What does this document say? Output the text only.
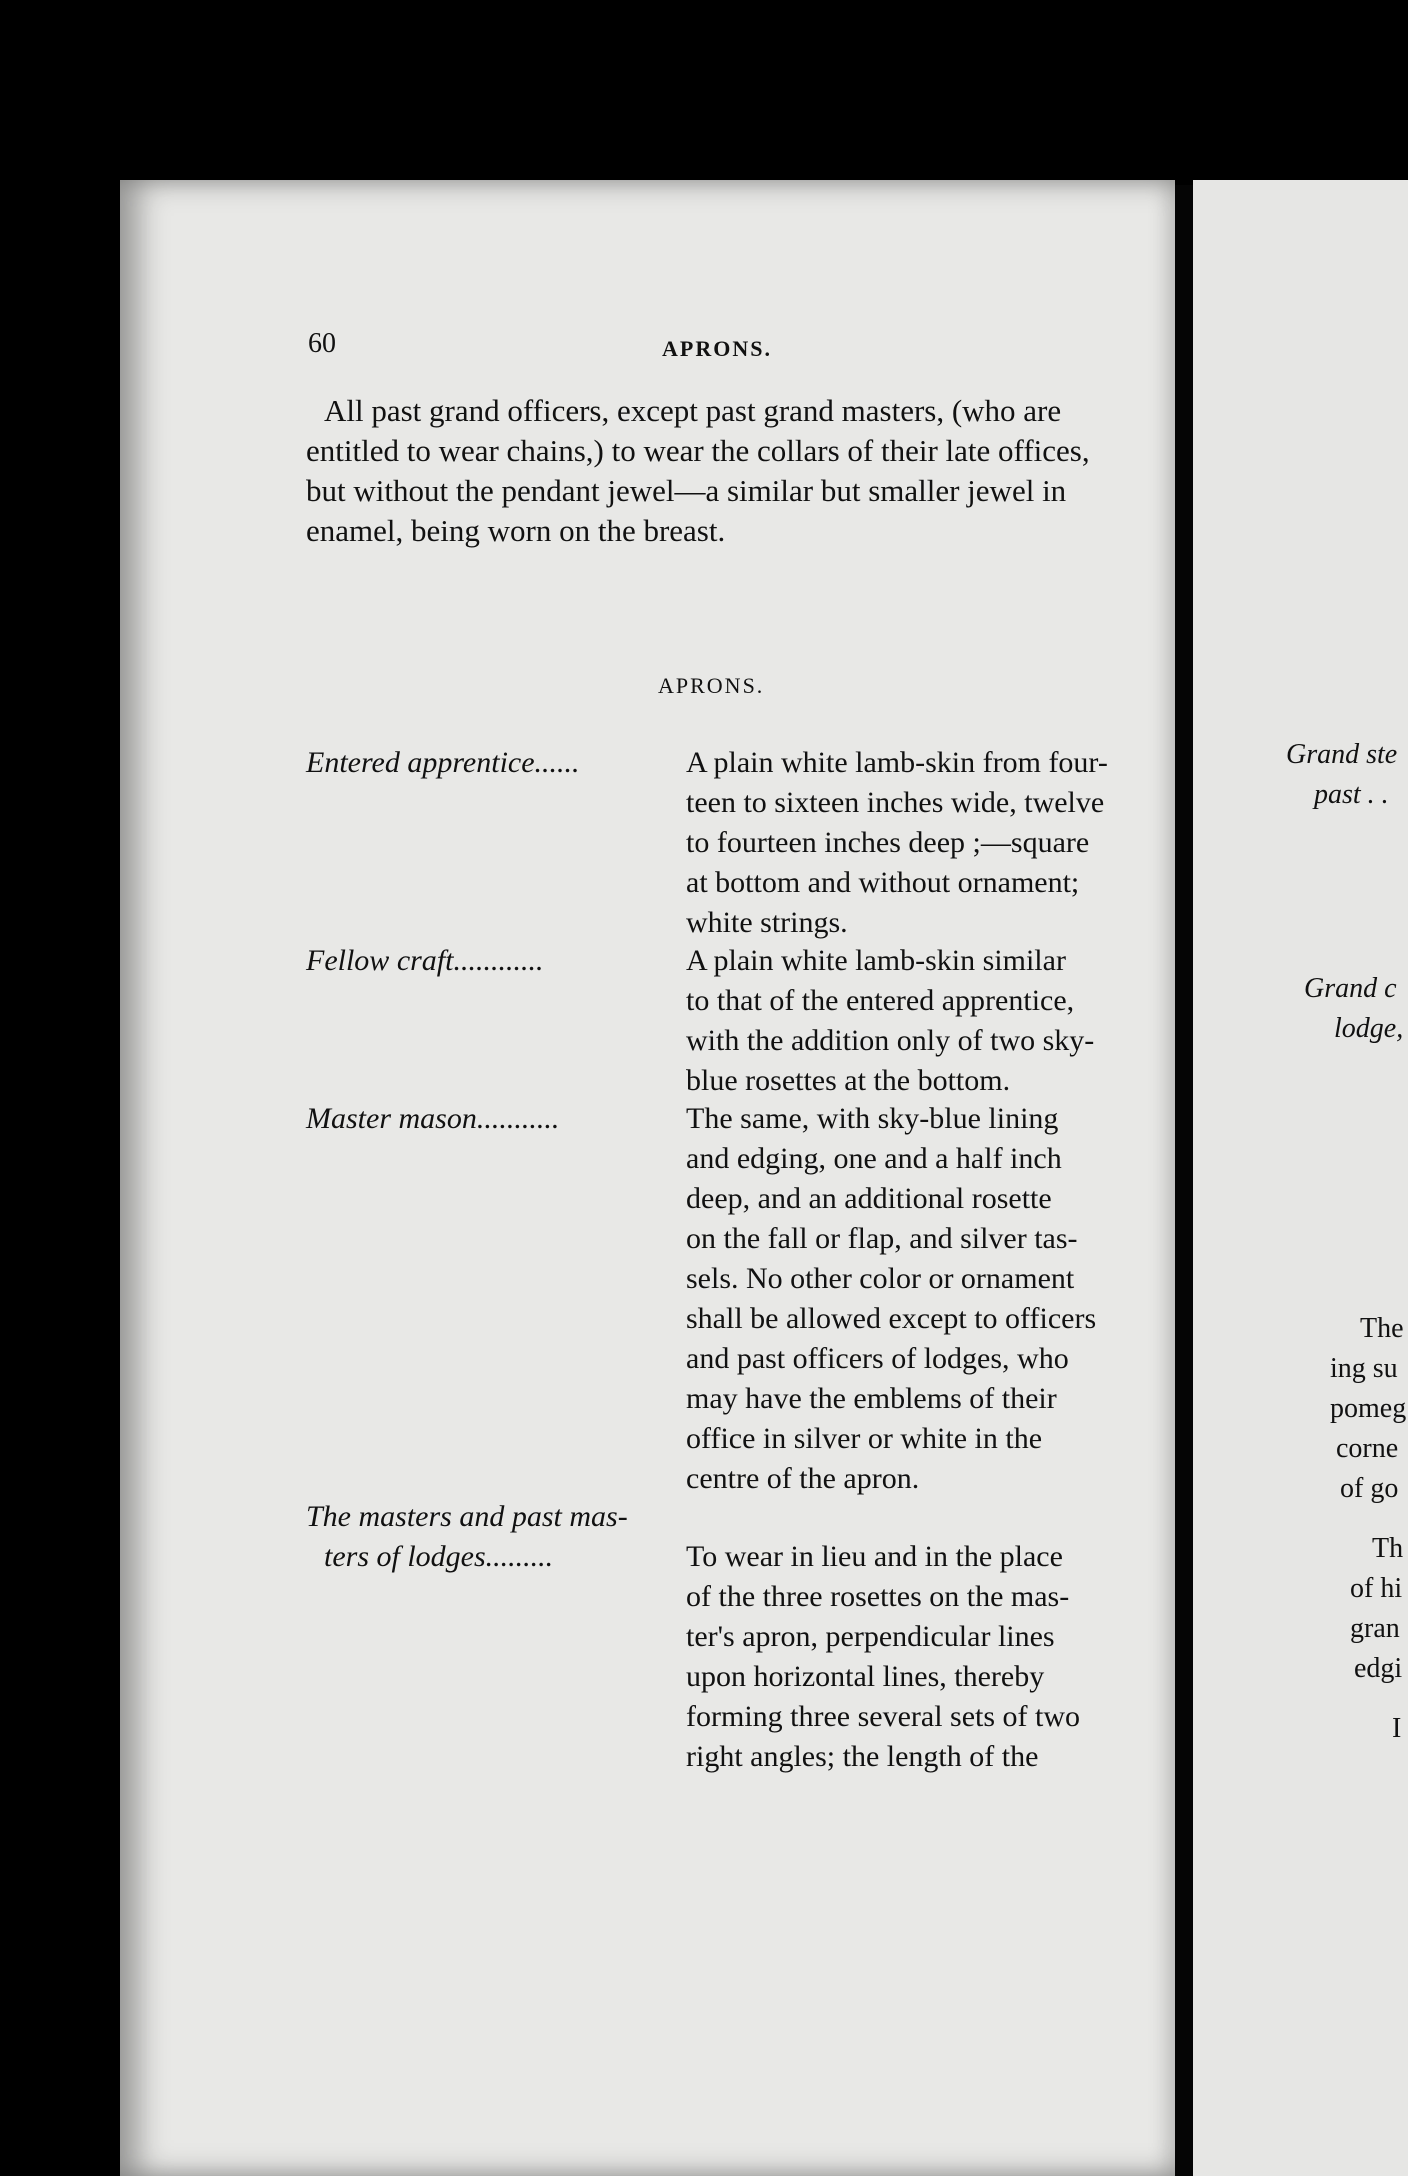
60	APRONS.
All past grand officers, except past grand masters, (who are
entitled to wear chains,) to wear the collars of their late offices,
but without the pendant jewel—a similar but smaller jewel in
enamel, being worn on the breast.
APRONS.
Entered apprentice......	A plain white lamb-skin from four-
teen to sixteen inches wide, twelve
to fourteen inches deep ;—square
at bottom and without ornament;
white strings.
Fellow craft............	A plain white lamb-skin similar
to that of the entered apprentice,
with the addition only of two sky-
blue rosettes at the bottom.
Master mason...........	The same, with sky-blue lining
and edging, one and a half inch
deep, and an additional rosette
on the fall or flap, and silver tas-
sels. No other color or ornament
shall be allowed except to officers
and past officers of lodges, who
may have the emblems of their
office in silver or white in the
centre of the apron.
The masters and past mas-
ters of lodges.........	To wear in lieu and in the place
of the three rosettes on the mas-
ter's apron, perpendicular lines
upon horizontal lines, thereby
forming three several sets of two
right angles; the length of the
Grand ste
past . .
Grand c
lodge,
The
ing su
pomeg
corne
of go
Th
of hi
gran
edgi
I
